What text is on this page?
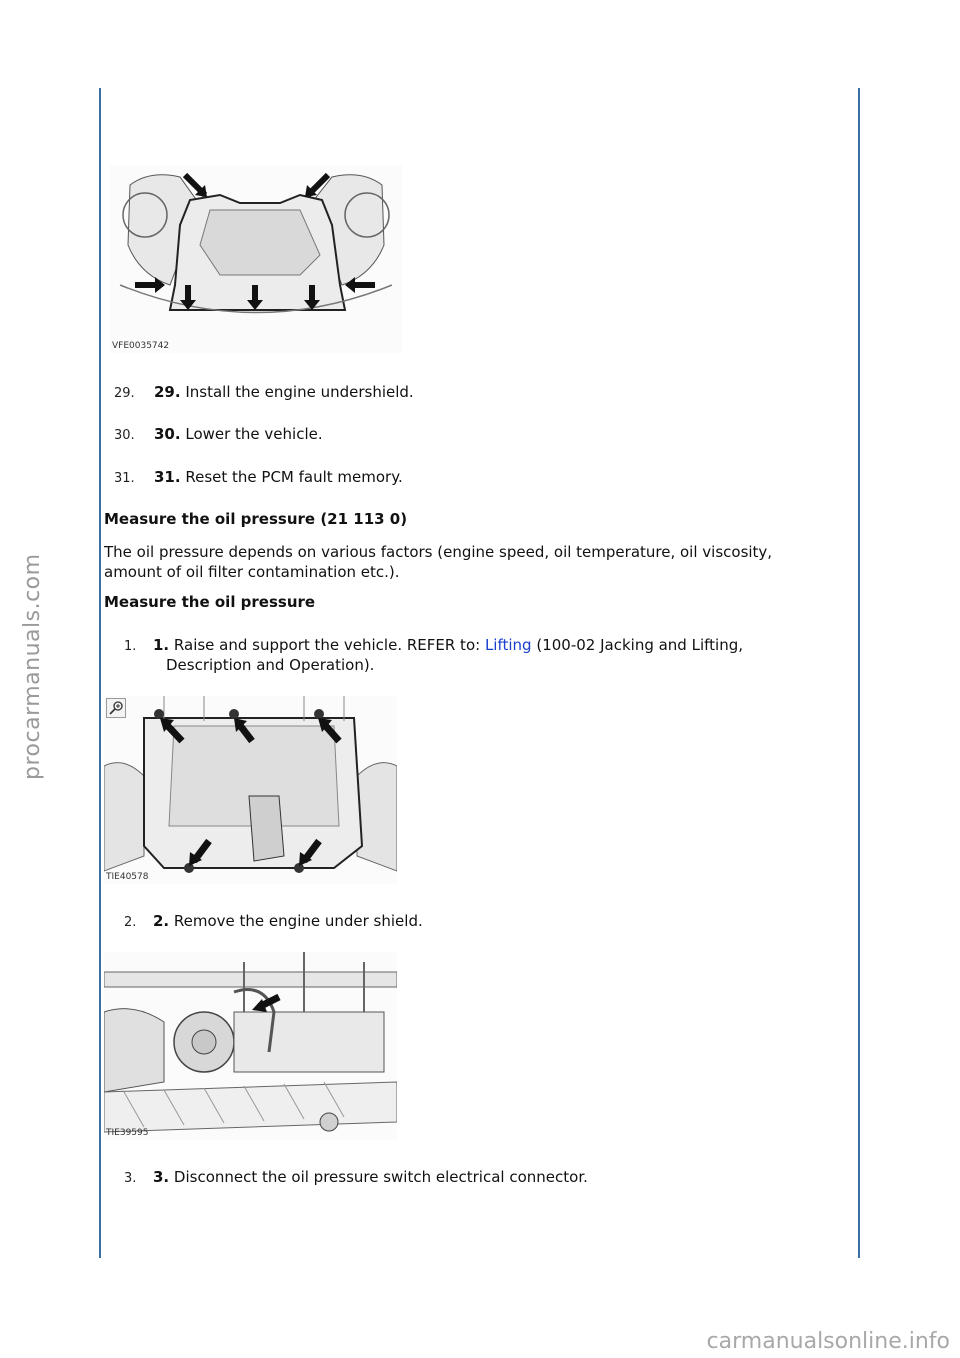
procarmanuals.com
carmanualsonline.info
VFE0035742
29. 29. Install the engine undershield.
30. 30. Lower the vehicle.
31. 31. Reset the PCM fault memory.
Measure the oil pressure (21 113 0)
The oil pressure depends on various factors (engine speed, oil temperature, oil viscosity, amount of oil filter contamination etc.).
Measure the oil pressure
1. 1. Raise and support the vehicle. REFER to: Lifting (100-02 Jacking and Lifting,
Description and Operation).
TIE40578
2. 2. Remove the engine under shield.
TIE39595
3. 3. Disconnect the oil pressure switch electrical connector.
